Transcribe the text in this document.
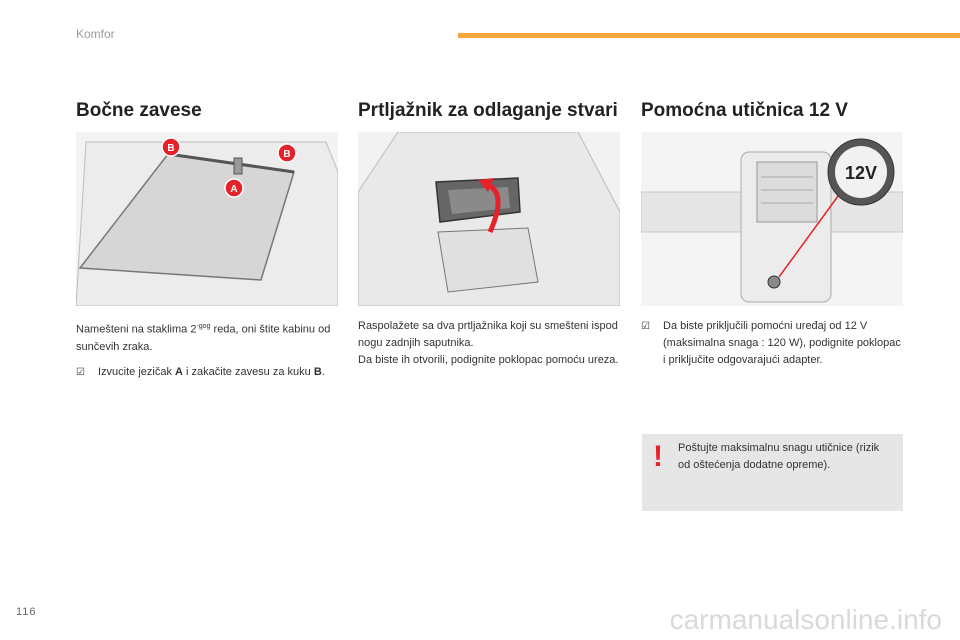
Komfor
Bočne zavese
B
B
A

Namešteni na staklima $2^{-gog}$ reda, oni štite kabinu od sunčevih zraka.

☑	Izvucite jezičak A i zakačite zavesu za kuku B.
Prtljažnik za odlaganje stvari
Raspolažete sa dva prtljažnika koji su smešteni ispod nogu zadnjih saputnika.
Da biste ih otvorili, podignite poklopac pomoću ureza.
Pomoćna utičnica 12 V
12V
☑	Da biste priključili pomoćni uređaj od 12 V (maksimalna snaga : 120 W), podignite poklopac i priključite odgovarajući adapter.
! Poštujte maksimalnu snagu utičnice (rizik od oštećenja dodatne opreme).
116	carmanualsonline.info
